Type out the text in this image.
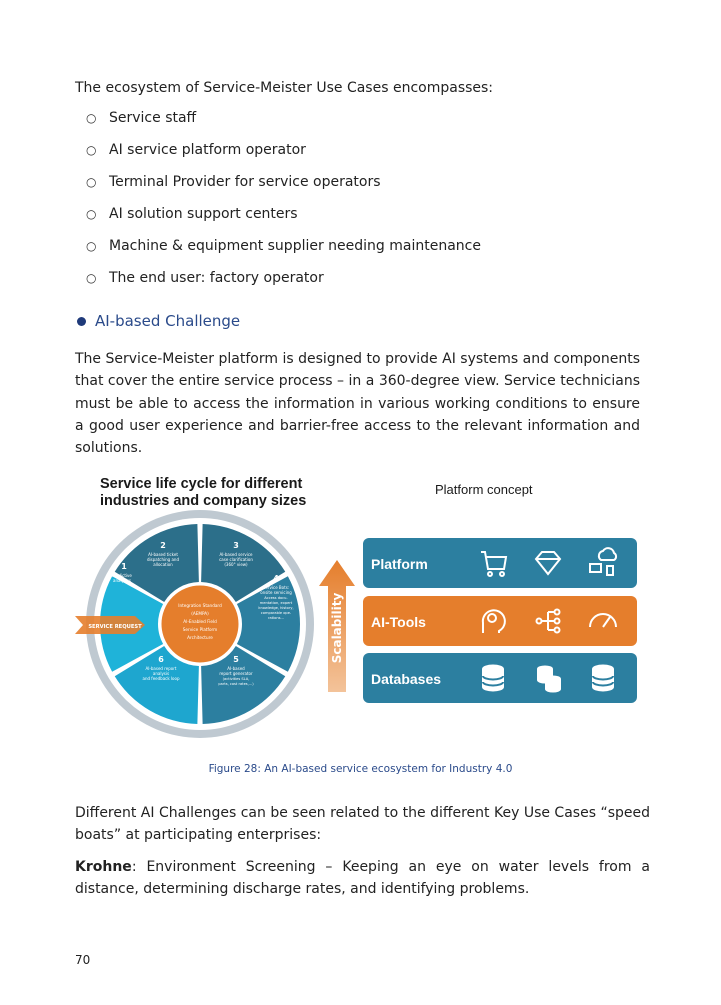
The ecosystem of Service-Meister Use Cases encompasses:
○ Service staff
○ AI service platform operator
○ Terminal Provider for service operators
○ AI solution support centers
○ Machine & equipment supplier needing maintenance
○ The end user: factory operator
AI-based Challenge
The Service-Meister platform is designed to provide AI systems and components that cover the entire service process – in a 360-degree view. Service technicians must be able to access the information in various working conditions to ensure a good user experience and barrier-free access to the relevant information and solutions.
Service life cycle for different
industries and company sizes
Platform concept
Integration Standard
(AEMPA)
AI-Enabled Field
Service Platform
Architecture
1
Predictive
analytics
2
AI-based ticket
dispatching and
allocation
3
AI-based service
case clarification
(360° view)
4
Service Bots:
onsite servicing
Access docu-
mentation, expert
knowledge, history,
comparable ope-
rations...
5
AI-based
report generator
(activities SLA,
parts, cost rates,...)
6
AI-based report
analysis
and feedback loop
SERVICE REQUEST	Scalability
Platform
AI-Tools
Databases
Figure 28: An AI-based service ecosystem for Industry 4.0
Different AI Challenges can be seen related to the different Key Use Cases “speed boats” at participating enterprises:
Krohne: Environment Screening – Keeping an eye on water levels from a distance, determining discharge rates, and identifying problems.
70
